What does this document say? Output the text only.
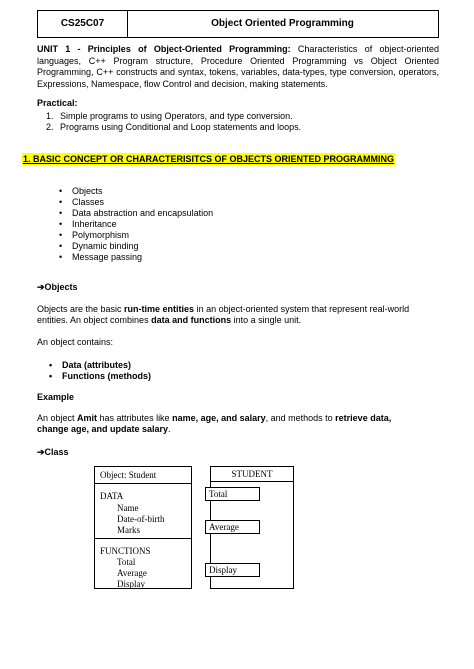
CS25C07	Object Oriented Programming
UNIT 1 - Principles of Object-Oriented Programming: Characteristics of object-oriented languages, C++ Program structure, Procedure Oriented Programming vs Object Oriented Programming, C++ constructs and syntax, tokens, variables, data-types, type conversion, operators, Expressions, Namespace, flow Control and decision, making statements.
Practical:
1. Simple programs to using Operators, and type conversion.
2. Programs using Conditional and Loop statements and loops.
1. BASIC CONCEPT OR CHARACTERISITCS OF OBJECTS ORIENTED PROGRAMMING
• Objects
• Classes
• Data abstraction and encapsulation
• Inheritance
• Polymorphism
• Dynamic binding
• Message passing
➔Objects
Objects are the basic run-time entities in an object-oriented system that represent real-world
entities. An object combines data and functions into a single unit.
An object contains:
• Data (attributes)
• Functions (methods)
Example
An object Amit has attributes like name, age, and salary, and methods to retrieve data,
change age, and update salary.
➔Class
Object: Student
DATA
Name
Date-of-birth
Marks
FUNCTIONS
Total
Average
Display
STUDENT
Total
Average
Display
